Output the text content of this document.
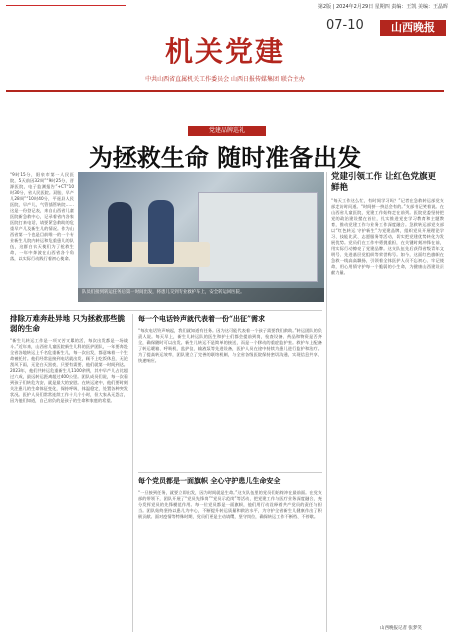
第2版 | 2024年2月29日 星期四 责编：王凯 美编：王晶晖
07-10	山西晚报
机关党建
中共山西省直属机关工作委员会 山西日报传媒集团 联合主办
党建品牌巡礼
为拯救生命 随时准备出发
“9时15分，阳泉市第一人民医院，5天前因32周”“9时25分，晋源医院，电子监测报告”+CT“10时30分，省人民医院。双胎，早产儿28周”“10时40分，平遥县人民医院，早产儿，气管插管转院……这是一份登记表，来自山西省儿童医院新急救中心，记录着省内各家医院打来电话，请要紧急救助的危重早产儿及新生儿的情况。作为山西省第一个也是目前唯一的一个专业新生儿院内转运和危重患儿的队伍，这群白衣天使们为了抢救生命，一年中奔波在山西省各个角落，以实际行动践行着初心使命。
队员们接到转运任务后第一时间出发，将患儿交到专业救护车上，安全转运回医院。
排除万难奔赴异地 只为拯救那些脆弱的生命
“新生儿转运工作是一项又苦又累的活，每次出发都是一场战斗。”近年来，山西省儿童医院新生儿科的医护团队，一年要奔赴全省各地转运上千名危重新生儿，每一次出发，都意味着一个生命被托付。他们经常是接到电话就出发，顾不上吃饭休息，无论刮风下雨，无论白天黑夜，只要有需要，他们就第一时间到达。2023年，他们共转运危重新生儿1100余例，其中早产儿占比超过六成，最远转运距离超过400公里。团队成员们说，每一次看到孩子们转危为安，就是最大的安慰。在转运途中，他们要时刻关注患儿的生命体征变化，保持呼吸、体温稳定，处置各种突发状况。医护人员们常常连续工作十几个小时，但大家从无怨言，因为他们知道，自己肩负的是孩子的生命和家庭的希望。
每一个电话铃声就代表着一份“出征”需求
“每次电话铃声响起，我们就知道有任务。因为这可能代表着一个孩子需要我们救助。”转运团队的负责人说。每天早上，新生儿转运队的医生和护士们都会提前到岗，检查设备、药品和物资是否齐全，确保随时可以出发。新生儿转运不是简单的接送，而是一个移动的重症监护室。救护车上配备了转运暖箱、呼吸机、监护仪、输液泵等先进设备，医护人员在途中持续为患儿进行监护和治疗。为了提高转运效率，团队建立了完善的联络机制，与全省各级医院保持密切沟通，实现信息共享、快速响应。
每个党员都是一面旗帜 全心守护患儿生命安全
“一旦接到任务，就要立即出发，因为时间就是生命。”这支队伍里的党员们始终冲在最前面。在党支部的带领下，团队开展了“党员先锋岗”“党员示范岗”等活动，把党建工作与医疗业务深度融合，充分发挥党员的先锋模范作用。每一位党员都是一面旗帜，他们用行动诠释着共产党员的责任与担当。团队始终坚持以患儿为中心，不断提升转运质量和救治水平，为守护全省新生儿健康作出了积极贡献。面对疫情等特殊时期，党员们更是主动请缨，坚守岗位，确保转运工作不断档、不停歇。
党建引领工作 让红色党旗更鲜艳
“每天工作这么忙，有时间学习吗？”记者在急救转运部党支部走访时问道。“时间挤一挤总会有的。”支部书记笑着说。在山西省儿童医院，党建工作始终走在前列。医院党委坚持把党的政治建设摆在首位，扎实推进党史学习教育和主题教育，推动党建工作与业务工作深度融合。急救转运部党支部以“红色转运 守护新生”为党建品牌，组织党员开展理论学习、技能比武、志愿服务等活动，切实把党建优势转化为发展优势。党员们在工作中勇挑重担，在关键时刻冲锋在前，用实际行动擦亮了党建品牌。这支队伍先后获得省级青年文明号、先进基层党组织等荣誉称号。如今，这面红色旗帜在急救一线高高飘扬，引领着全体医护人员不忘初心、牢记使命，用心用情守护每一个脆弱的小生命，为健康山西建设贡献力量。
山西晚报记者 张梦笑
